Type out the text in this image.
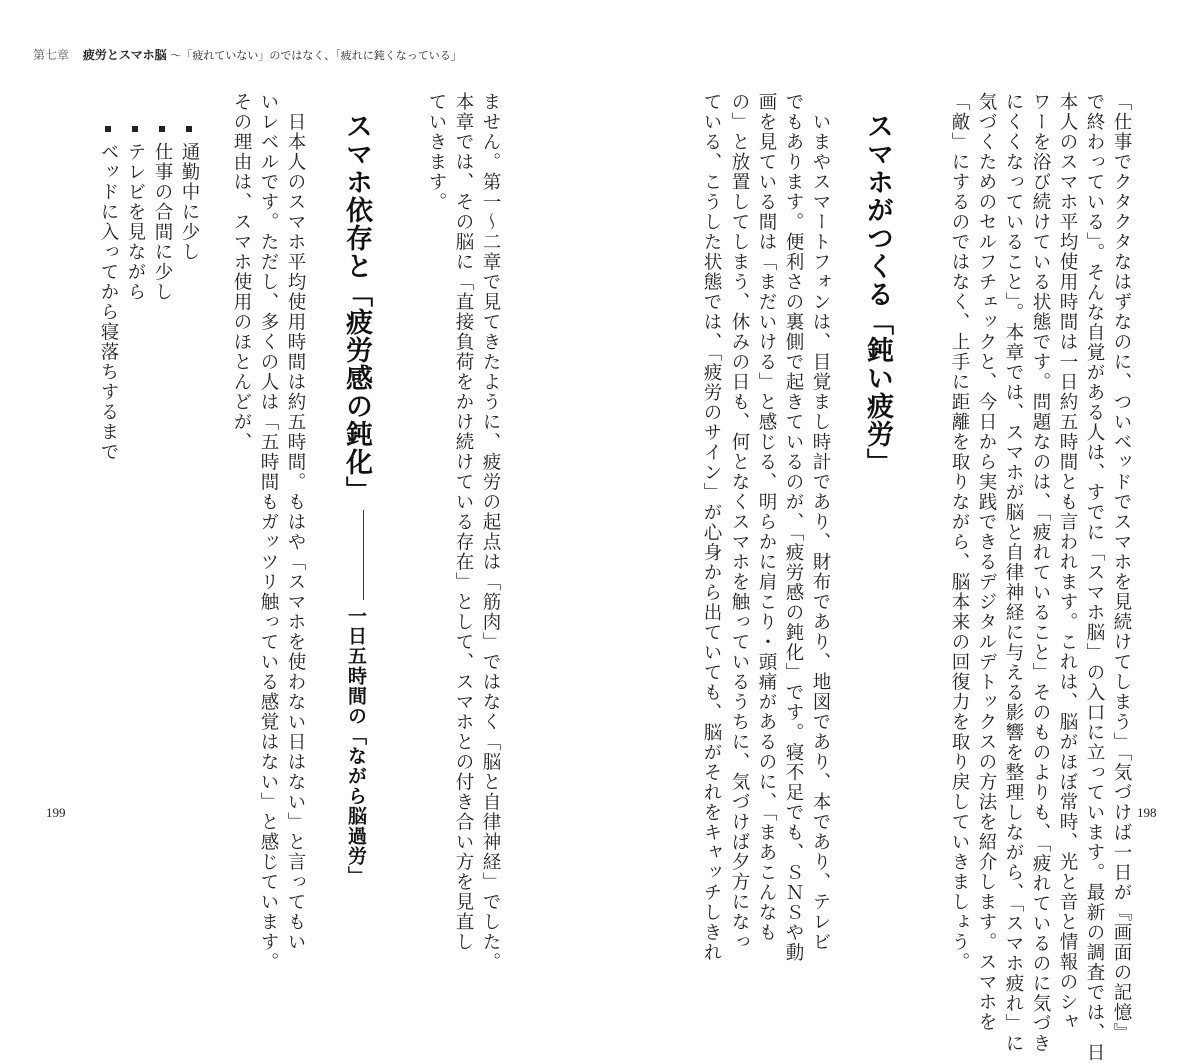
第七章 疲労とスマホ脳 〜「疲れていない」のではなく、「疲れに鈍くなっている」
「仕事でクタクタなはずなのに、ついベッドでスマホを見続けてしまう」「気づけば一日が『画面の記憶』
で終わっている」。そんな自覚がある人は、すでに「スマホ脳」の入口に立っています。最新の調査では、日
本人のスマホ平均使用時間は一日約五時間とも言われます。これは、脳がほぼ常時、光と音と情報のシャ
ワーを浴び続けている状態です。問題なのは、「疲れていること」そのものよりも、「疲れているのに気づき
にくくなっていること」。本章では、スマホが脳と自律神経に与える影響を整理しながら、「スマホ疲れ」に
気づくためのセルフチェックと、今日から実践できるデジタルデトックスの方法を紹介します。スマホを
「敵」にするのではなく、上手に距離を取りながら、脳本来の回復力を取り戻していきましょう。
スマホがつくる「鈍い疲労」
いまやスマートフォンは、目覚まし時計であり、財布であり、地図であり、本であり、テレビ
でもあります。便利さの裏側で起きているのが、「疲労感の鈍化」です。寝不足でも、ＳＮＳや動
画を見ている間は「まだいける」と感じる、明らかに肩こり・頭痛があるのに、「まあこんなも
の」と放置してしまう、休みの日も、何となくスマホを触っているうちに、気づけば夕方になっ
ている、こうした状態では、「疲労のサイン」が心身から出ていても、脳がそれをキャッチしきれ	198
ません。第一〜二章で見てきたように、疲労の起点は「筋肉」ではなく「脳と自律神経」でした。
本章では、その脳に「直接負荷をかけ続けている存在」として、スマホとの付き合い方を見直し
ていきます。
スマホ依存と「疲労感の鈍化」一日五時間の「ながら脳過労」
日本人のスマホ平均使用時間は約五時間。もはや「スマホを使わない日はない」と言ってもい
いレベルです。ただし、多くの人は「五時間もガッツリ触っている感覚はない」と感じています。
その理由は、スマホ使用のほとんどが、
通勤中に少し
仕事の合間に少し
テレビを見ながら
ベッドに入ってから寝落ちするまで
199
